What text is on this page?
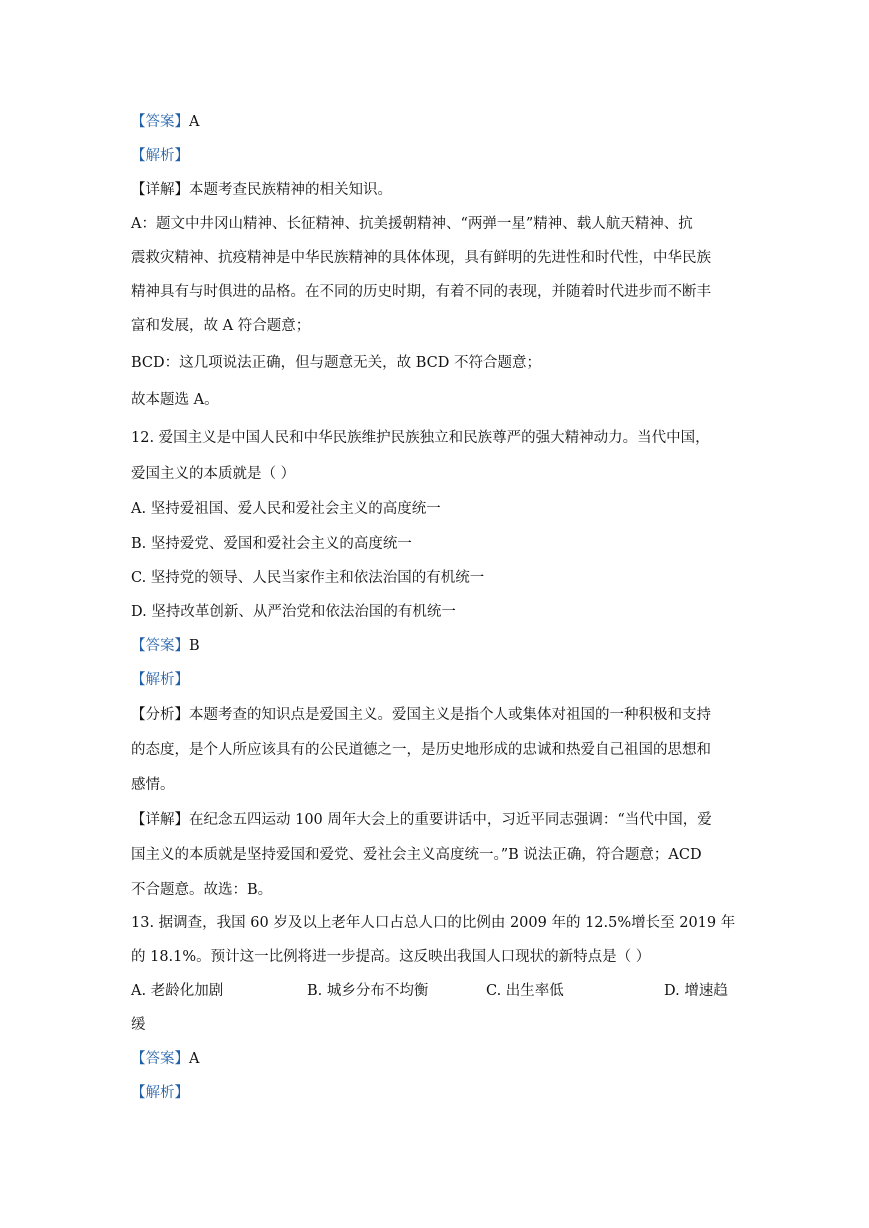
【答案】A
【解析】
【详解】本题考查民族精神的相关知识。
A：题文中井冈山精神、长征精神、抗美援朝精神、“两弹一星”精神、载人航天精神、抗
震救灾精神、抗疫精神是中华民族精神的具体体现，具有鲜明的先进性和时代性，中华民族
精神具有与时俱进的品格。在不同的历史时期，有着不同的表现，并随着时代进步而不断丰
富和发展，故 A 符合题意；
BCD：这几项说法正确，但与题意无关，故 BCD 不符合题意；
故本题选 A。
12. 爱国主义是中国人民和中华民族维护民族独立和民族尊严的强大精神动力。当代中国，
爱国主义的本质就是（ ）
A. 坚持爱祖国、爱人民和爱社会主义的高度统一
B. 坚持爱党、爱国和爱社会主义的高度统一
C. 坚持党的领导、人民当家作主和依法治国的有机统一
D. 坚持改革创新、从严治党和依法治国的有机统一
【答案】B
【解析】
【分析】本题考查的知识点是爱国主义。爱国主义是指个人或集体对祖国的一种积极和支持
的态度，是个人所应该具有的公民道德之一，是历史地形成的忠诚和热爱自己祖国的思想和
感情。
【详解】在纪念五四运动 100 周年大会上的重要讲话中，习近平同志强调：“当代中国，爱
国主义的本质就是坚持爱国和爱党、爱社会主义高度统一。”B 说法正确，符合题意；ACD
不合题意。故选：B。
13. 据调查，我国 60 岁及以上老年人口占总人口的比例由 2009 年的 12.5%增长至 2019 年
的 18.1%。预计这一比例将进一步提高。这反映出我国人口现状的新特点是（ ）
A. 老龄化加剧	B. 城乡分布不均衡	C. 出生率低	D. 增速趋
缓
【答案】A
【解析】
